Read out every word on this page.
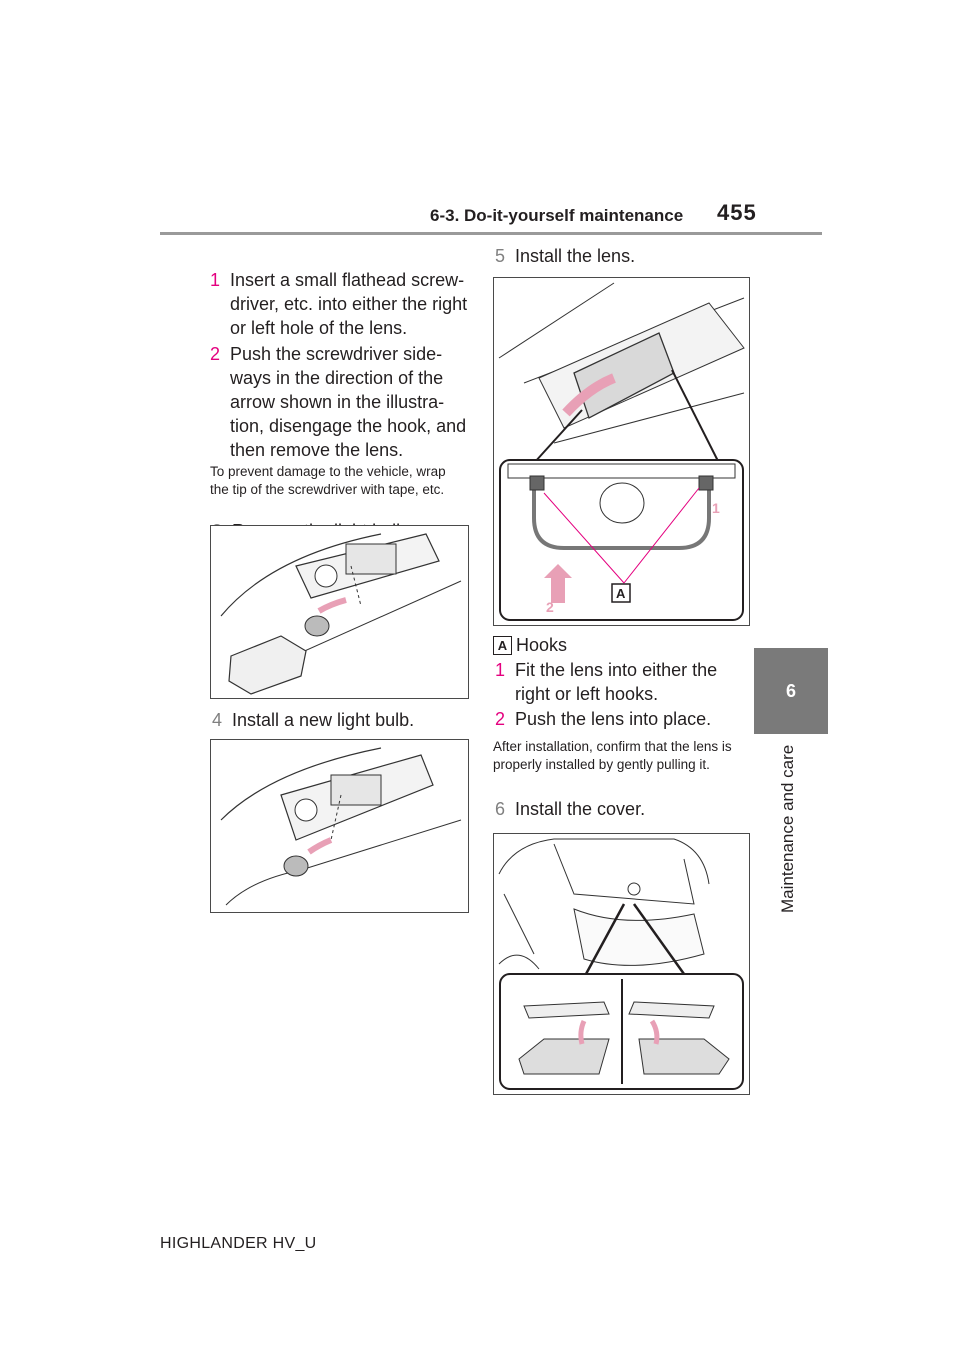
6-3. Do-it-yourself maintenance 455
6
Maintenance and care
1 Insert a small flathead screw-driver, etc. into either the right or left hole of the lens.
2 Push the screwdriver side-ways in the direction of the arrow shown in the illustra-tion, disengage the hook, and then remove the lens.
To prevent damage to the vehicle, wrap the tip of the screwdriver with tape, etc.
4 Install a new light bulb.
5 Install the lens.
1
2
A
A Hooks
1 Fit the lens into either the right or left hooks.
2 Push the lens into place.
After installation, confirm that the lens is properly installed by gently pulling it.
6 Install the cover.
HIGHLANDER HV_U
